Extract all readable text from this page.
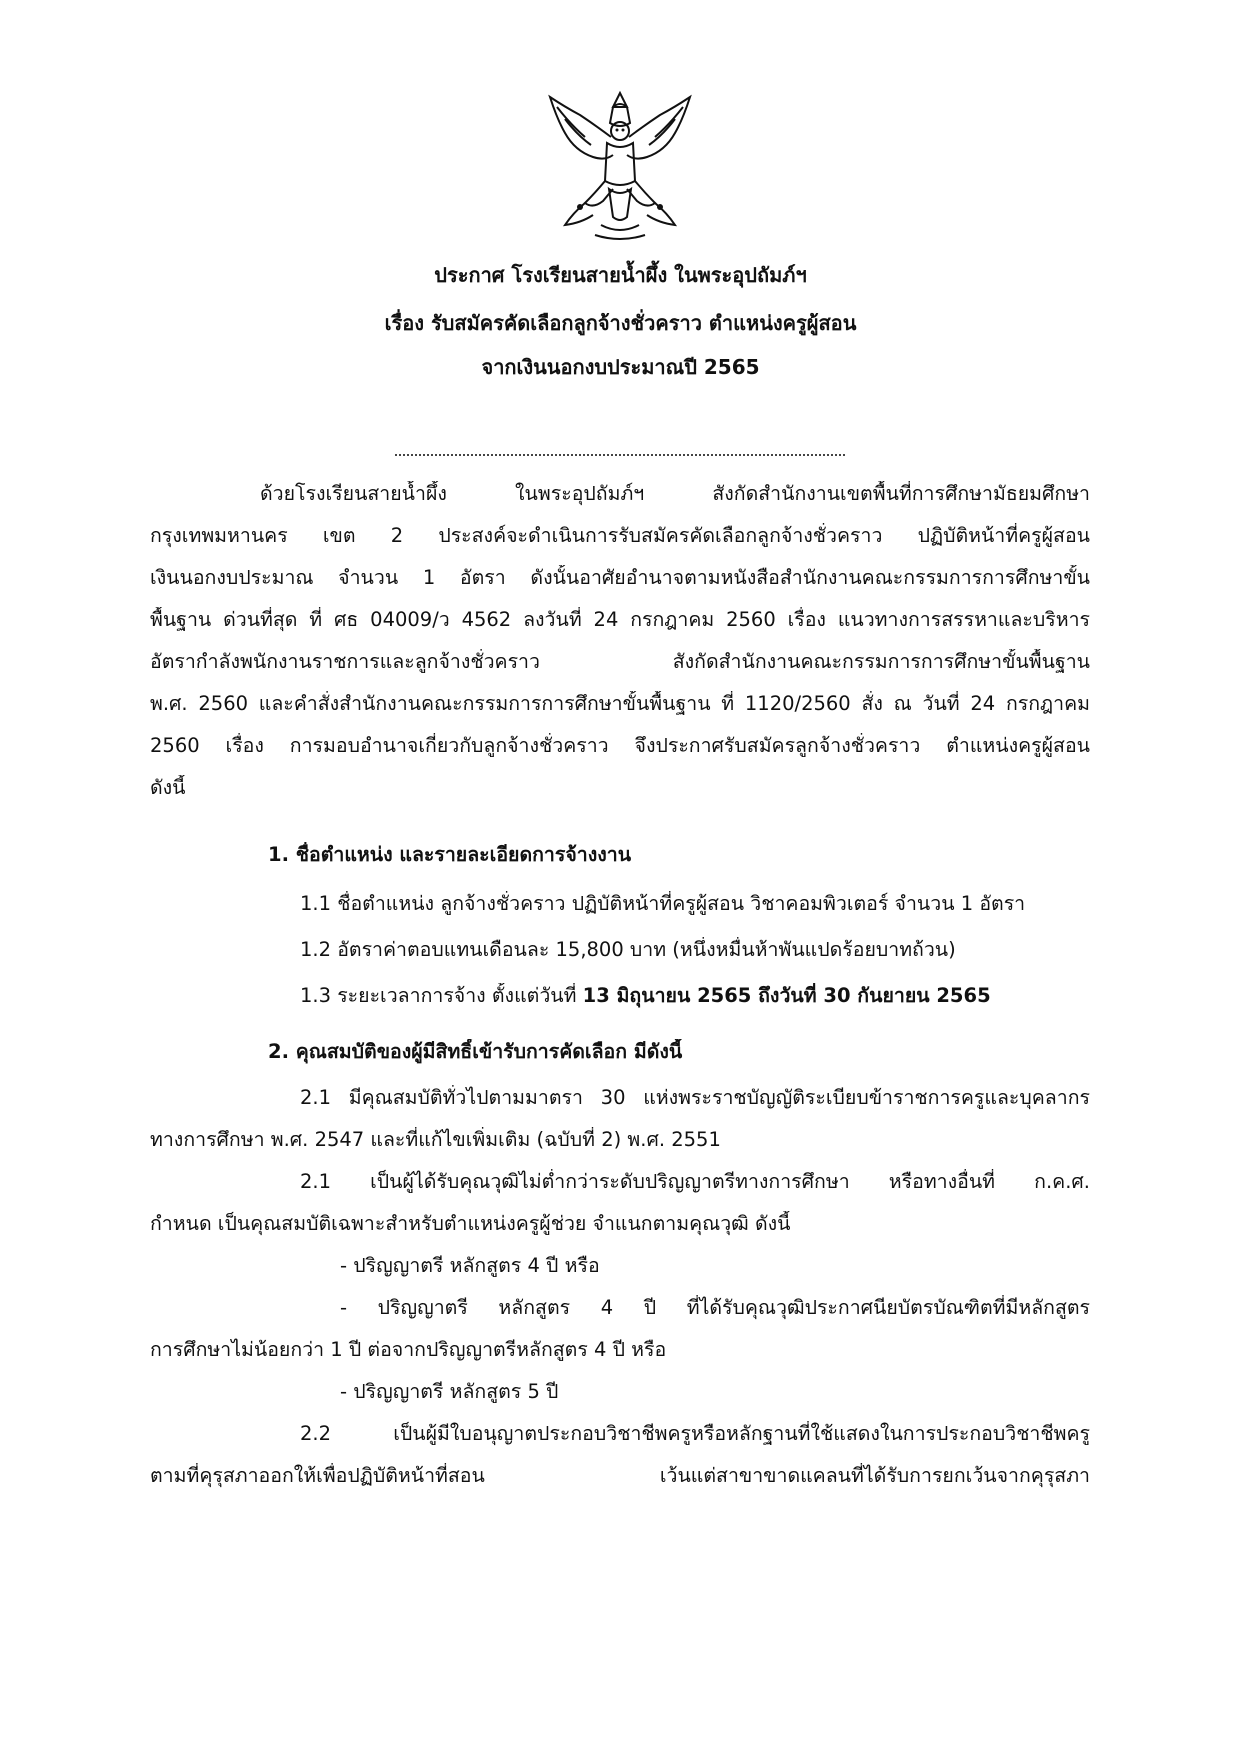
ประกาศ โรงเรียนสายน้ำผึ้ง ในพระอุปถัมภ์ฯ
เรื่อง รับสมัครคัดเลือกลูกจ้างชั่วคราว ตำแหน่งครูผู้สอน
จากเงินนอกงบประมาณปี 2565
ด้วยโรงเรียนสายน้ำผึ้ง ในพระอุปถัมภ์ฯ สังกัดสำนักงานเขตพื้นที่การศึกษามัธยมศึกษา
กรุงเทพมหานคร เขต 2 ประสงค์จะดำเนินการรับสมัครคัดเลือกลูกจ้างชั่วคราว ปฏิบัติหน้าที่ครูผู้สอน
เงินนอกงบประมาณ จำนวน 1 อัตรา ดังนั้นอาศัยอำนาจตามหนังสือสำนักงานคณะกรรมการการศึกษาขั้น
พื้นฐาน ด่วนที่สุด ที่ ศธ 04009/ว 4562 ลงวันที่ 24 กรกฎาคม 2560 เรื่อง แนวทางการสรรหาและบริหาร
อัตรากำลังพนักงานราชการและลูกจ้างชั่วคราว สังกัดสำนักงานคณะกรรมการการศึกษาขั้นพื้นฐาน
พ.ศ. 2560 และคำสั่งสำนักงานคณะกรรมการการศึกษาขั้นพื้นฐาน ที่ 1120/2560 สั่ง ณ วันที่ 24 กรกฎาคม
2560 เรื่อง การมอบอำนาจเกี่ยวกับลูกจ้างชั่วคราว จึงประกาศรับสมัครลูกจ้างชั่วคราว ตำแหน่งครูผู้สอน
ดังนี้
1. ชื่อตำแหน่ง และรายละเอียดการจ้างงาน
1.1 ชื่อตำแหน่ง ลูกจ้างชั่วคราว ปฏิบัติหน้าที่ครูผู้สอน วิชาคอมพิวเตอร์ จำนวน 1 อัตรา
1.2 อัตราค่าตอบแทนเดือนละ 15,800 บาท (หนึ่งหมื่นห้าพันแปดร้อยบาทถ้วน)
1.3 ระยะเวลาการจ้าง ตั้งแต่วันที่ 13 มิถุนายน 2565 ถึงวันที่ 30 กันยายน 2565
2. คุณสมบัติของผู้มีสิทธิ์เข้ารับการคัดเลือก มีดังนี้
2.1 มีคุณสมบัติทั่วไปตามมาตรา 30 แห่งพระราชบัญญัติระเบียบข้าราชการครูและบุคลากร
ทางการศึกษา พ.ศ. 2547 และที่แก้ไขเพิ่มเติม (ฉบับที่ 2) พ.ศ. 2551
2.1 เป็นผู้ได้รับคุณวุฒิไม่ต่ำกว่าระดับปริญญาตรีทางการศึกษา หรือทางอื่นที่ ก.ค.ศ.
กำหนด เป็นคุณสมบัติเฉพาะสำหรับตำแหน่งครูผู้ช่วย จำแนกตามคุณวุฒิ ดังนี้
- ปริญญาตรี หลักสูตร 4 ปี หรือ
- ปริญญาตรี หลักสูตร 4 ปี ที่ได้รับคุณวุฒิประกาศนียบัตรบัณฑิตที่มีหลักสูตร
การศึกษาไม่น้อยกว่า 1 ปี ต่อจากปริญญาตรีหลักสูตร 4 ปี หรือ
- ปริญญาตรี หลักสูตร 5 ปี
2.2 เป็นผู้มีใบอนุญาตประกอบวิชาชีพครูหรือหลักฐานที่ใช้แสดงในการประกอบวิชาชีพครู
ตามที่คุรุสภาออกให้เพื่อปฏิบัติหน้าที่สอน เว้นแต่สาขาขาดแคลนที่ได้รับการยกเว้นจากคุรุสภา
